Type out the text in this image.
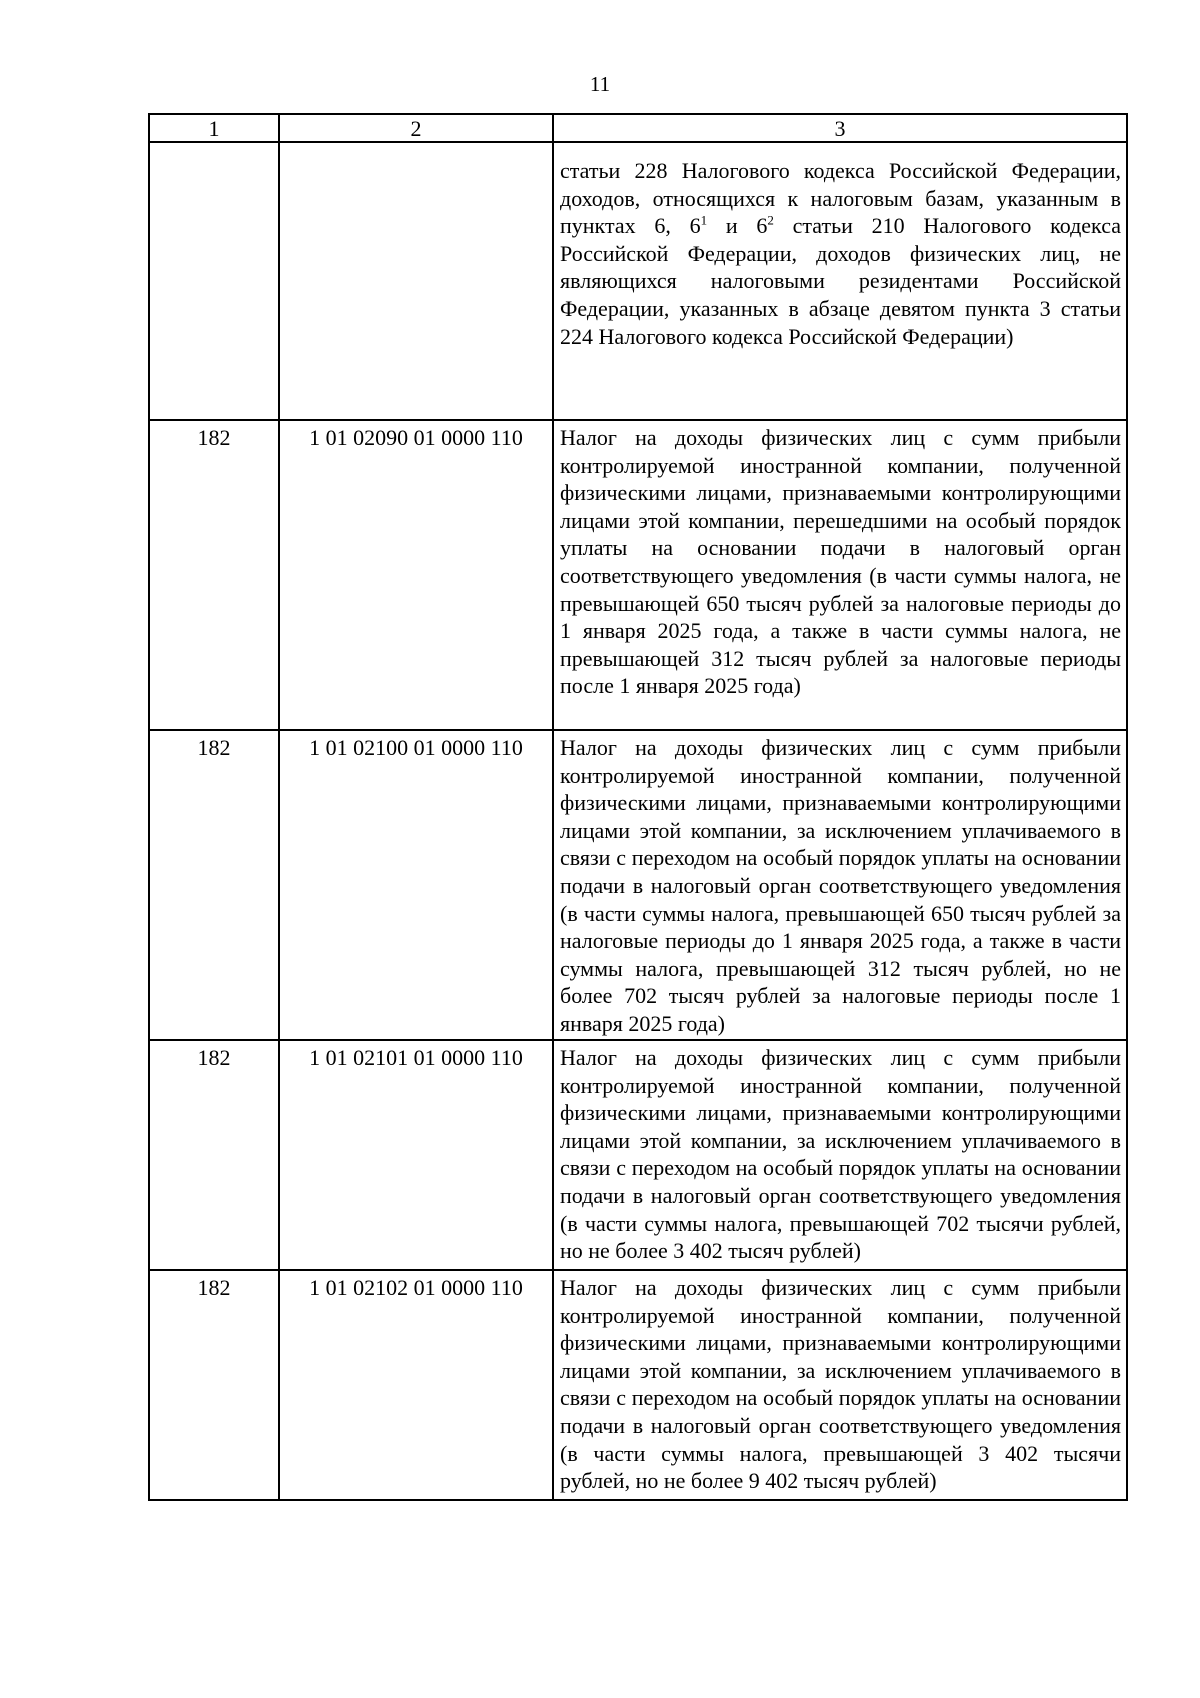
11
1	2	3
		статьи 228 Налогового кодекса Российской Федерации, доходов, относящихся к налоговым базам, указанным в пунктах 6, $6^1$ и $6^2$ статьи 210 Налогового кодекса Российской Федерации, доходов физических лиц, не являющихся налоговыми резидентами Российской Федерации, указанных в абзаце девятом пункта 3 статьи 224 Налогового кодекса Российской Федерации)
182	1 01 02090 01 0000 110	Налог на доходы физических лиц с сумм прибыли контролируемой иностранной компании, полученной физическими лицами, признаваемыми контролирующими лицами этой компании, перешедшими на особый порядок уплаты на основании подачи в налоговый орган соответствующего уведомления (в части суммы налога, не превышающей 650 тысяч рублей за налоговые периоды до 1 января 2025 года, а также в части суммы налога, не превышающей 312 тысяч рублей за налоговые периоды после 1 января 2025 года)
182	1 01 02100 01 0000 110	Налог на доходы физических лиц с сумм прибыли контролируемой иностранной компании, полученной физическими лицами, признаваемыми контролирующими лицами этой компании, за исключением уплачиваемого в связи с переходом на особый порядок уплаты на основании подачи в налоговый орган соответствующего уведомления (в части суммы налога, превышающей 650 тысяч рублей за налоговые периоды до 1 января 2025 года, а также в части суммы налога, превышающей 312 тысяч рублей, но не более 702 тысяч рублей за налоговые периоды после 1 января 2025 года)
182	1 01 02101 01 0000 110	Налог на доходы физических лиц с сумм прибыли контролируемой иностранной компании, полученной физическими лицами, признаваемыми контролирующими лицами этой компании, за исключением уплачиваемого в связи с переходом на особый порядок уплаты на основании подачи в налоговый орган соответствующего уведомления (в части суммы налога, превышающей 702 тысячи рублей, но не более 3 402 тысяч рублей)
182	1 01 02102 01 0000 110	Налог на доходы физических лиц с сумм прибыли контролируемой иностранной компании, полученной физическими лицами, признаваемыми контролирующими лицами этой компании, за исключением уплачиваемого в связи с переходом на особый порядок уплаты на основании подачи в налоговый орган соответствующего уведомления (в части суммы налога, превышающей 3 402 тысячи рублей, но не более 9 402 тысяч рублей)
